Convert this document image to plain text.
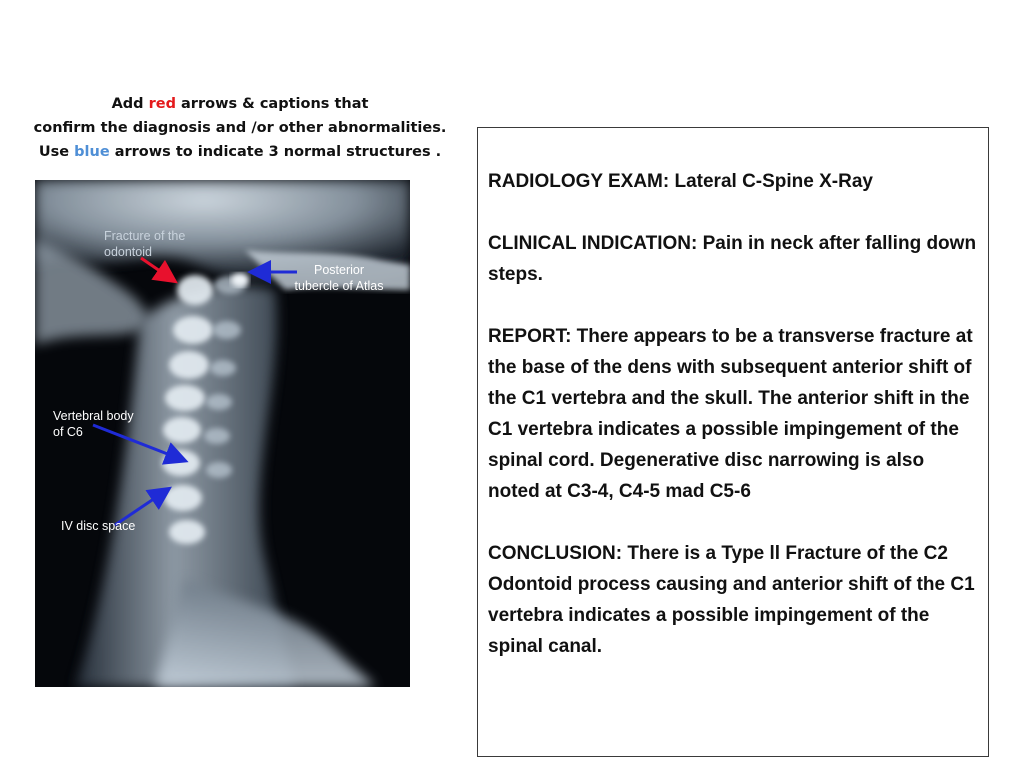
Add red arrows & captions that
confirm the diagnosis and /or other abnormalities.
Use blue arrows to indicate 3 normal structures .
Fracture of the
odontoid
Posterior
tubercle of Atlas
Vertebral body
of C6
IV disc space

RADIOLOGY EXAM: Lateral C-Spine X-Ray

CLINICAL INDICATION: Pain in neck after falling down steps.

REPORT: There appears to be a transverse fracture at the base of the dens with subsequent anterior shift of the C1 vertebra and the skull. The anterior shift in the C1 vertebra indicates a possible impingement of the spinal cord. Degenerative disc narrowing is also noted at C3-4, C4-5 mad C5-6

CONCLUSION: There is a Type ll Fracture of the C2 Odontoid process causing and anterior shift of the C1 vertebra indicates a possible impingement of the spinal canal.
